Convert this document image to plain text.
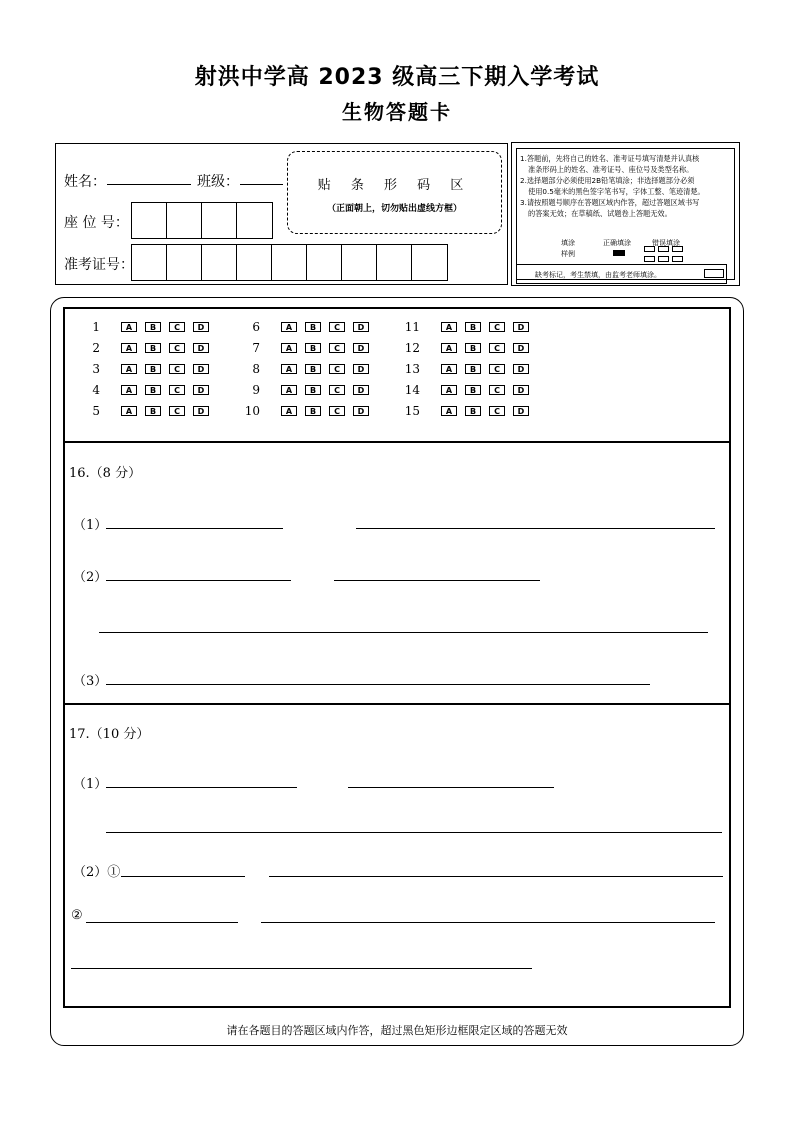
射洪中学高 2023 级高三下期入学考试
生物答题卡
姓名：	班级：
座 位 号：
准考证号：
贴 条 形 码 区
（正面朝上，切勿贴出虚线方框）
1.答题前，先将自己的姓名、准考证号填写清楚并认真核
准条形码上的姓名、准考证号、座位号及类型名称。
2.选择题部分必须使用2B铅笔填涂；非选择题部分必须
使用0.5毫米的黑色签字笔书写，字体工整、笔迹清楚。
3.请按照题号顺序在答题区域内作答，超过答题区域书写
的答案无效；在草稿纸、试题卷上答题无效。
填涂
样例
正确填涂	错误填涂
缺考标记，考生禁填，由监考老师填涂。
1	A B C D
2	A B C D
3	A B C D
4	A B C D
5	A B C D
6	A B C D
7	A B C D
8	A B C D
9	A B C D
10	A B C D
11	A B C D
12	A B C D
13	A B C D
14	A B C D
15	A B C D
16.（8 分）
（1）
（2）
（3）
17.（10 分）
（1）
（2）①
②
请在各题目的答题区域内作答，超过黑色矩形边框限定区域的答题无效
